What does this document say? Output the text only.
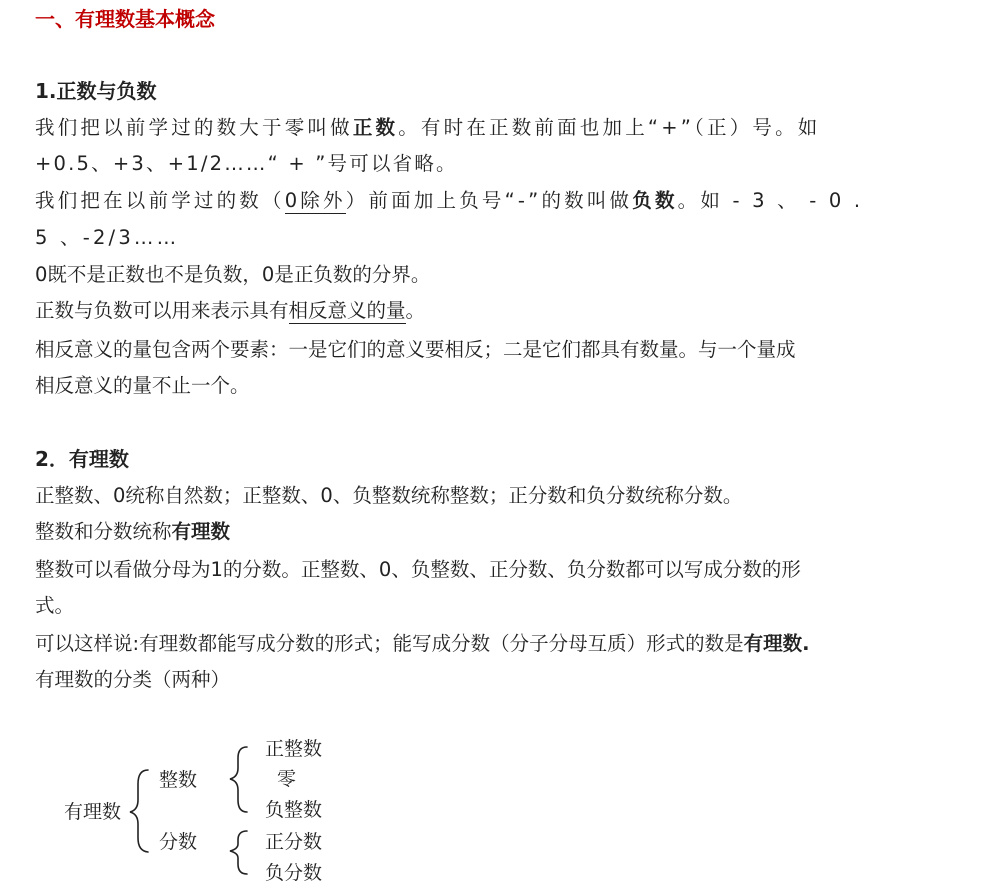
一、有理数基本概念
1.正数与负数
我们把以前学过的数大于零叫做正数。有时在正数前面也加上“+”（正）号。如
+0.5、+3、+1/2……“ + ”号可以省略。
我们把在以前学过的数（0除外）前面加上负号“-”的数叫做负数。如 - 3 、 - 0 .
5 、-2/3……
0既不是正数也不是负数，0是正负数的分界。
正数与负数可以用来表示具有相反意义的量。
相反意义的量包含两个要素：一是它们的意义要相反；二是它们都具有数量。与一个量成
相反意义的量不止一个。
2．有理数
正整数、0统称自然数；正整数、0、负整数统称整数；正分数和负分数统称分数。
整数和分数统称有理数
整数可以看做分母为1的分数。正整数、0、负整数、正分数、负分数都可以写成分数的形
式。
可以这样说:有理数都能写成分数的形式；能写成分数（分子分母互质）形式的数是有理数.
有理数的分类（两种）
有理数
整数
分数
正整数
零
负整数
正分数
负分数
